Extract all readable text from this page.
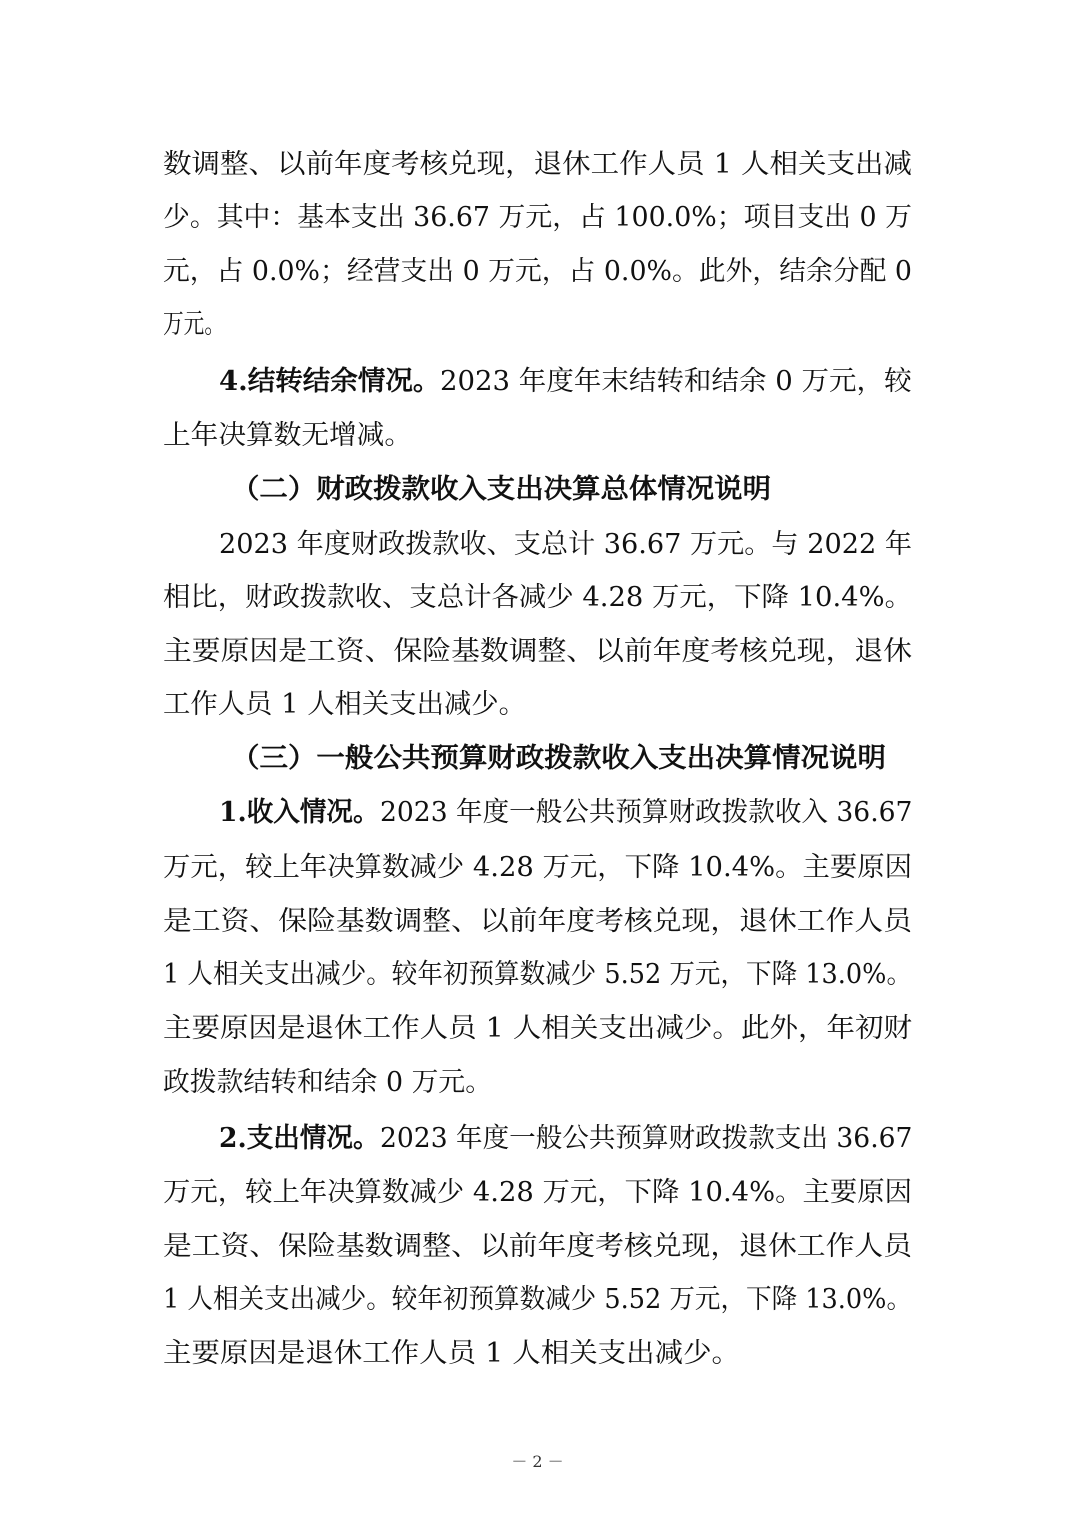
数调整、以前年度考核兑现，退休工作人员 1 人相关支出减
少。其中：基本支出 36.67 万元，占 100.0%；项目支出 0 万
元，占 0.0%；经营支出 0 万元，占 0.0%。此外，结余分配 0
万元。
4.结转结余情况。 2023 年度年末结转和结余 0 万元，较
上年决算数无增减。
（二）财政拨款收入支出决算总体情况说明
2023 年度财政拨款收、支总计 36.67 万元。与 2022 年
相比，财政拨款收、支总计各减少 4.28 万元，下降 10.4%。
主要原因是工资、保险基数调整、以前年度考核兑现，退休
工作人员 1 人相关支出减少。
（三）一般公共预算财政拨款收入支出决算情况说明
1.收入情况。 2023 年度一般公共预算财政拨款收入 36.67
万元，较上年决算数减少 4.28 万元，下降 10.4%。主要原因
是工资、保险基数调整、以前年度考核兑现，退休工作人员
1 人相关支出减少。较年初预算数减少 5.52 万元，下降 13.0%。
主要原因是退休工作人员 1 人相关支出减少。此外，年初财
政拨款结转和结余 0 万元。
2.支出情况。 2023 年度一般公共预算财政拨款支出 36.67
万元，较上年决算数减少 4.28 万元，下降 10.4%。主要原因
是工资、保险基数调整、以前年度考核兑现，退休工作人员
1 人相关支出减少。较年初预算数减少 5.52 万元，下降 13.0%。
主要原因是退休工作人员 1 人相关支出减少。
－ 2 －
